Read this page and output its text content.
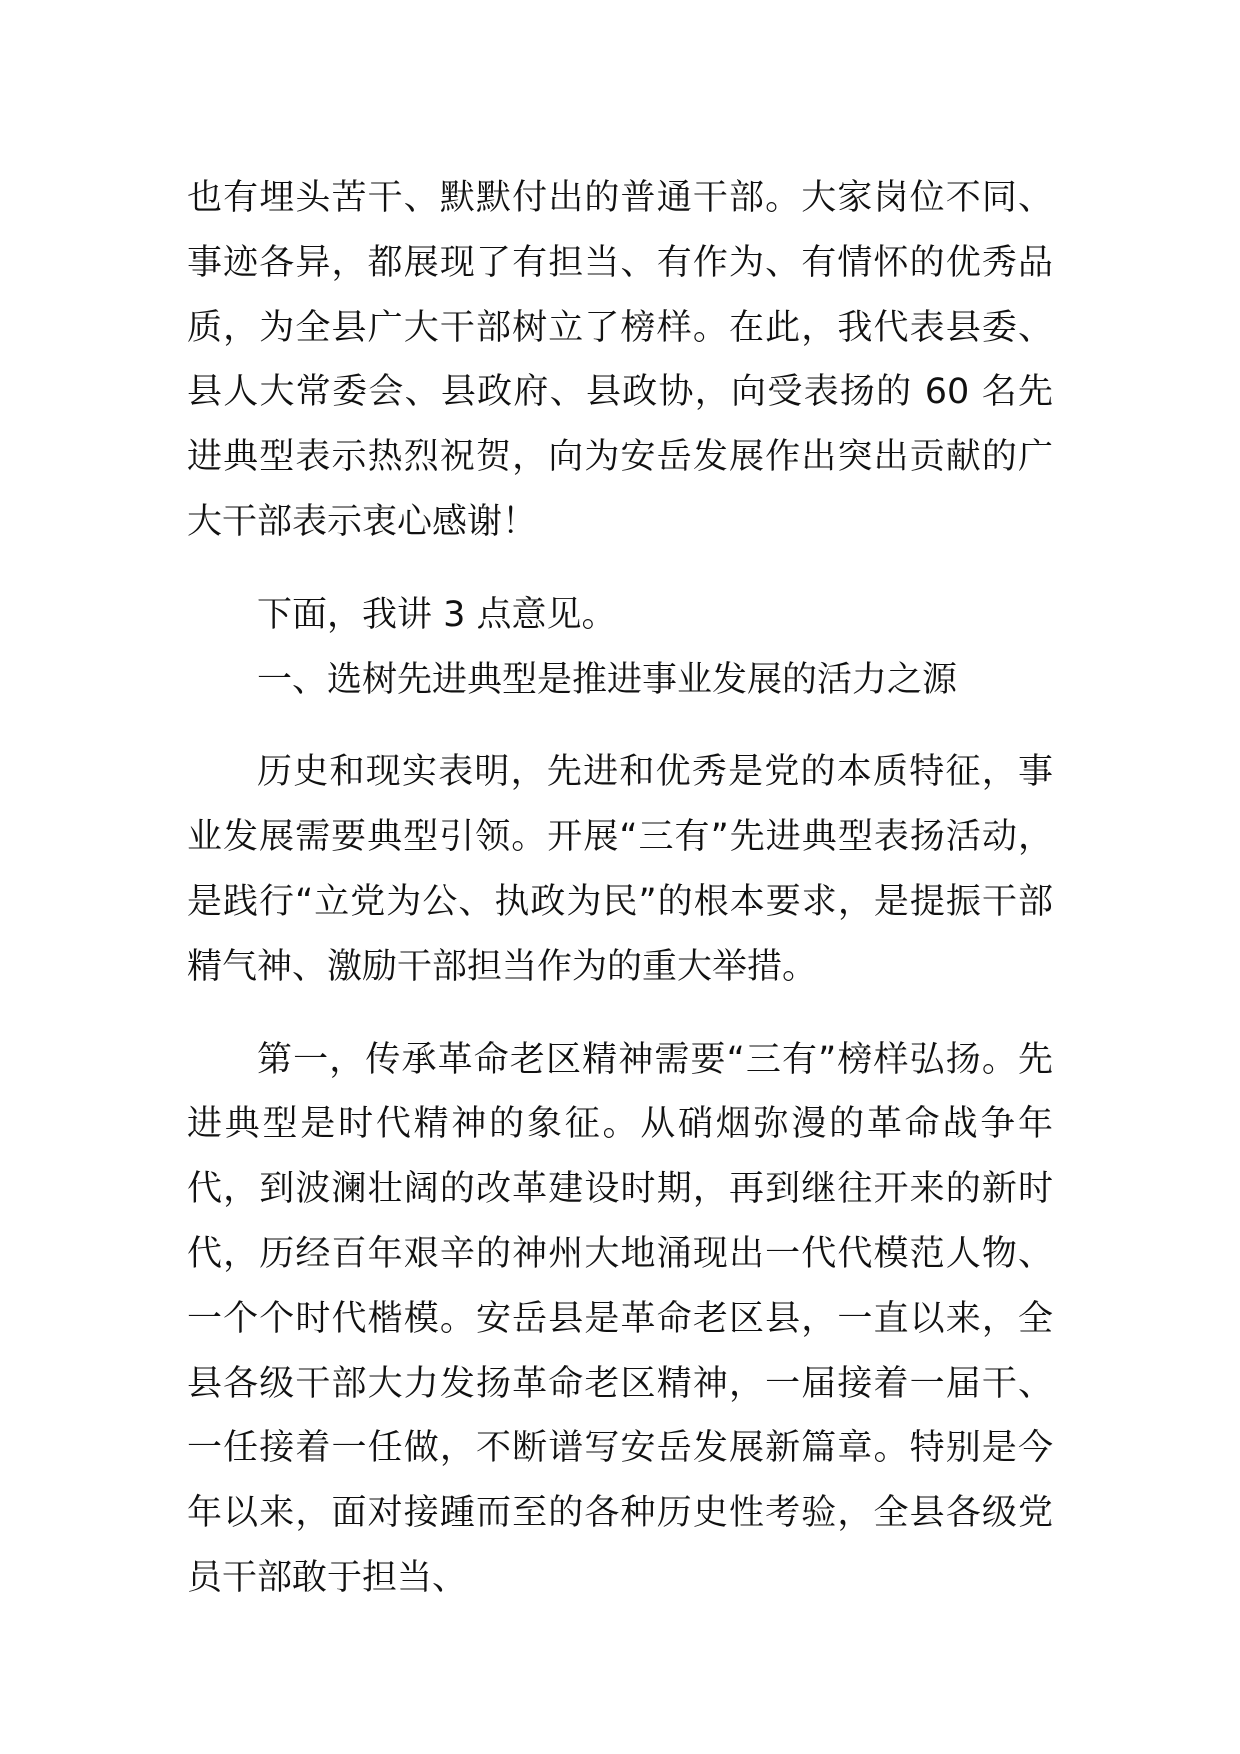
也有埋头苦干、默默付出的普通干部。大家岗位不同、事迹各异，都展现了有担当、有作为、有情怀的优秀品质，为全县广大干部树立了榜样。在此，我代表县委、县人大常委会、县政府、县政协，向受表扬的 60 名先进典型表示热烈祝贺，向为安岳发展作出突出贡献的广大干部表示衷心感谢！

下面，我讲 3 点意见。

一、选树先进典型是推进事业发展的活力之源

历史和现实表明，先进和优秀是党的本质特征，事业发展需要典型引领。开展“三有”先进典型表扬活动，是践行“立党为公、执政为民”的根本要求，是提振干部精气神、激励干部担当作为的重大举措。

第一，传承革命老区精神需要“三有”榜样弘扬。先进典型是时代精神的象征。从硝烟弥漫的革命战争年代，到波澜壮阔的改革建设时期，再到继往开来的新时代，历经百年艰辛的神州大地涌现出一代代模范人物、一个个时代楷模。安岳县是革命老区县，一直以来，全县各级干部大力发扬革命老区精神，一届接着一届干、一任接着一任做，不断谱写安岳发展新篇章。特别是今年以来，面对接踵而至的各种历史性考验，全县各级党员干部敢于担当、
